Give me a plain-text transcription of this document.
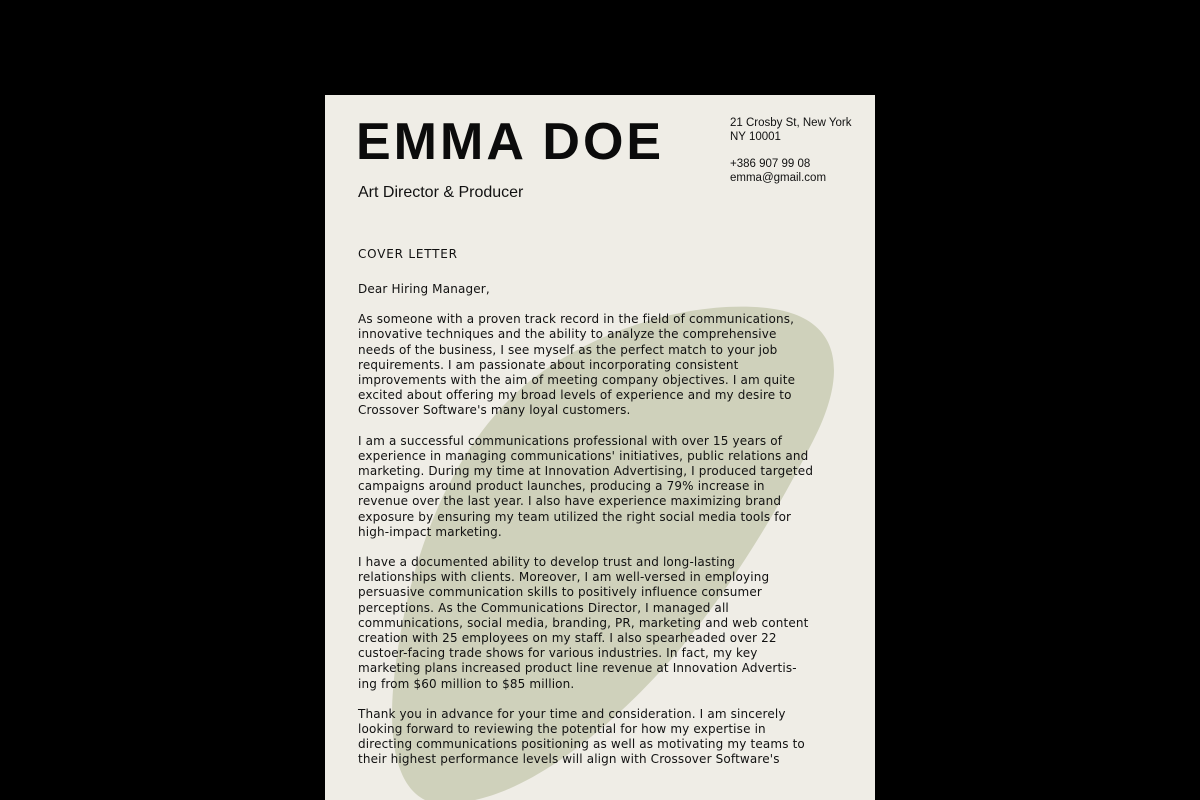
EMMA DOE
Art Director & Producer
21 Crosby St, New York
NY 10001
+386 907 99 08
emma@gmail.com
COVER LETTER
Dear Hiring Manager,
As someone with a proven track record in the field of communications,
innovative techniques and the ability to analyze the comprehensive
needs of the business, I see myself as the perfect match to your job
requirements. I am passionate about incorporating consistent
improvements with the aim of meeting company objectives. I am quite
excited about offering my broad levels of experience and my desire to
Crossover Software's many loyal customers.
I am a successful communications professional with over 15 years of
experience in managing communications' initiatives, public relations and
marketing. During my time at Innovation Advertising, I produced targeted
campaigns around product launches, producing a 79% increase in
revenue over the last year. I also have experience maximizing brand
exposure by ensuring my team utilized the right social media tools for
high-impact marketing.
I have a documented ability to develop trust and long-lasting
relationships with clients. Moreover, I am well-versed in employing
persuasive communication skills to positively influence consumer
perceptions. As the Communications Director, I managed all
communications, social media, branding, PR, marketing and web content
creation with 25 employees on my staff. I also spearheaded over 22
custoer-facing trade shows for various industries. In fact, my key
marketing plans increased product line revenue at Innovation Advertis-
ing from $60 million to $85 million.
Thank you in advance for your time and consideration. I am sincerely
looking forward to reviewing the potential for how my expertise in
directing communications positioning as well as motivating my teams to
their highest performance levels will align with Crossover Software's
